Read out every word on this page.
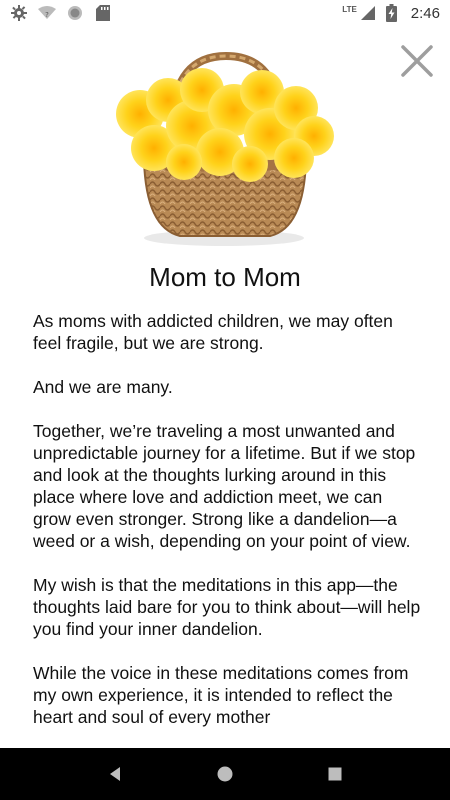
?
LTE	2:46
Mom to Mom

As moms with addicted children, we may often feel fragile, but we are strong.

And we are many.

Together, we’re traveling a most unwanted and unpredictable journey for a lifetime. But if we stop and look at the thoughts lurking around in this place where love and addiction meet, we can grow even stronger. Strong like a dandelion—a weed or a wish, depending on your point of view.

My wish is that the meditations in this app—the thoughts laid bare for you to think about—will help you find your inner dandelion.

While the voice in these meditations comes from my own experience, it is intended to reflect the heart and soul of every mother
